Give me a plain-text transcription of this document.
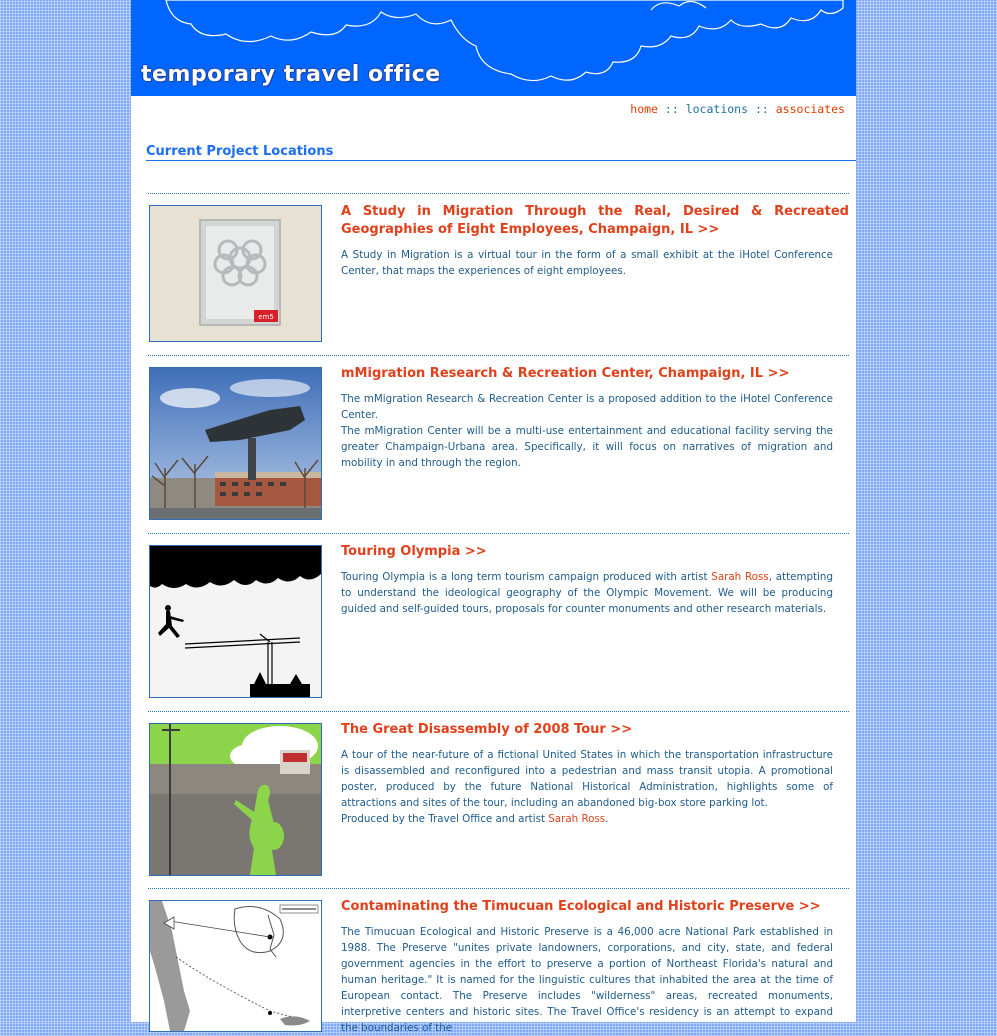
temporary travel office
home :: locations :: associates
Current Project Locations
em5
A Study in Migration Through the Real, Desired & Recreated Geographies of Eight Employees, Champaign, IL >>

A Study in Migration is a virtual tour in the form of a small exhibit at the iHotel Conference Center, that maps the experiences of eight employees.

mMigration Research & Recreation Center, Champaign, IL >>

The mMigration Research & Recreation Center is a proposed addition to the iHotel Conference Center.

The mMigration Center will be a multi-use entertainment and educational facility serving the greater Champaign-Urbana area. Specifically, it will focus on narratives of migration and mobility in and through the region.

Touring Olympia >>

Touring Olympia is a long term tourism campaign produced with artist Sarah Ross, attempting to understand the ideological geography of the Olympic Movement. We will be producing guided and self-guided tours, proposals for counter monuments and other research materials.

The Great Disassembly of 2008 Tour >>

A tour of the near-future of a fictional United States in which the transportation infrastructure is disassembled and reconfigured into a pedestrian and mass transit utopia. A promotional poster, produced by the future National Historical Administration, highlights some of attractions and sites of the tour, including an abandoned big-box store parking lot.

Produced by the Travel Office and artist Sarah Ross.

Contaminating the Timucuan Ecological and Historic Preserve >>

The Timucuan Ecological and Historic Preserve is a 46,000 acre National Park established in 1988. The Preserve "unites private landowners, corporations, and city, state, and federal government agencies in the effort to preserve a portion of Northeast Florida's natural and human heritage." It is named for the linguistic cultures that inhabited the area at the time of European contact. The Preserve includes "wilderness" areas, recreated monuments, interpretive centers and historic sites. The Travel Office's residency is an attempt to expand the boundaries of the
